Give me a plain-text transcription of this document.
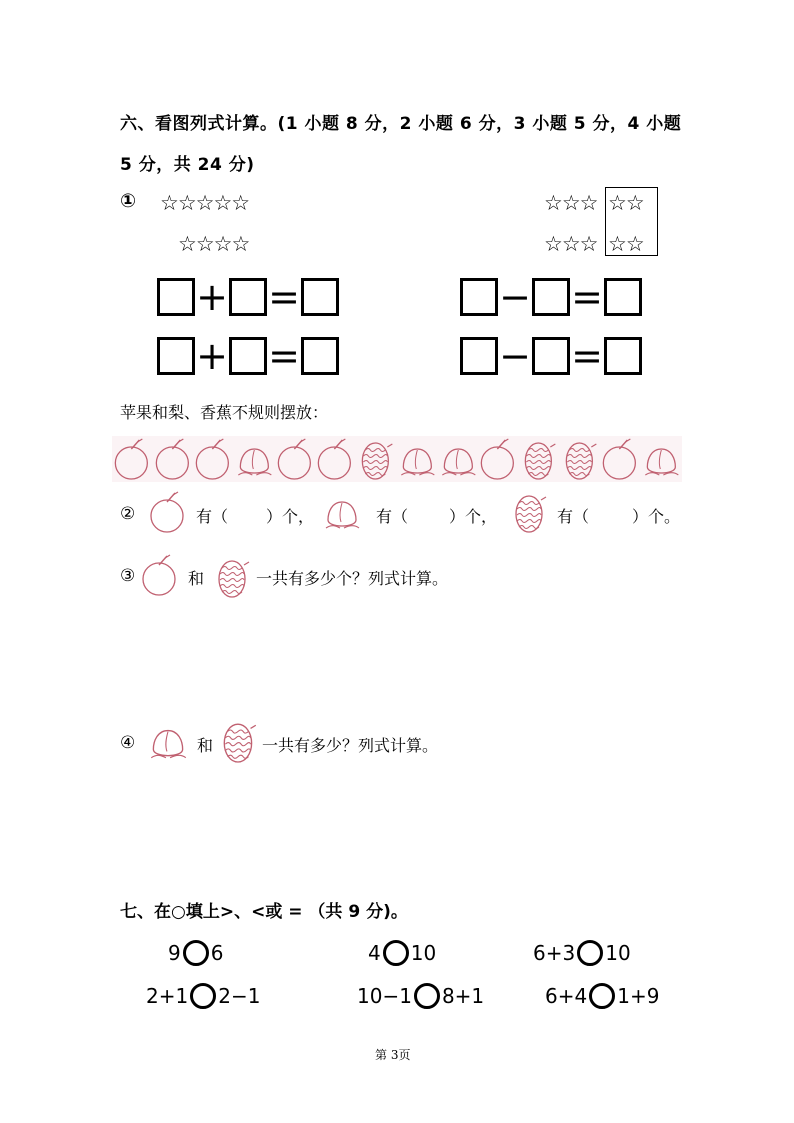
六、看图列式计算。(1 小题 8 分，2 小题 6 分，3 小题 5 分，4 小题
5 分，共 24 分)
① ☆☆☆☆☆
☆☆☆☆
☆☆☆ ☆☆
☆☆☆ ☆☆
+ =	− =
+ =	− =
苹果和梨、香蕉不规则摆放：
②	有（ ）个，	有（	）个，	有（	）个。
③	和	一共有多少个？列式计算。
④	和	一共有多少？列式计算。
七、在○填上>、<或 = （共 9 分)。
9 6	4 10	6+3 10
2+1 2−1	10−1 8+1	6+4 1+9
第 3页
